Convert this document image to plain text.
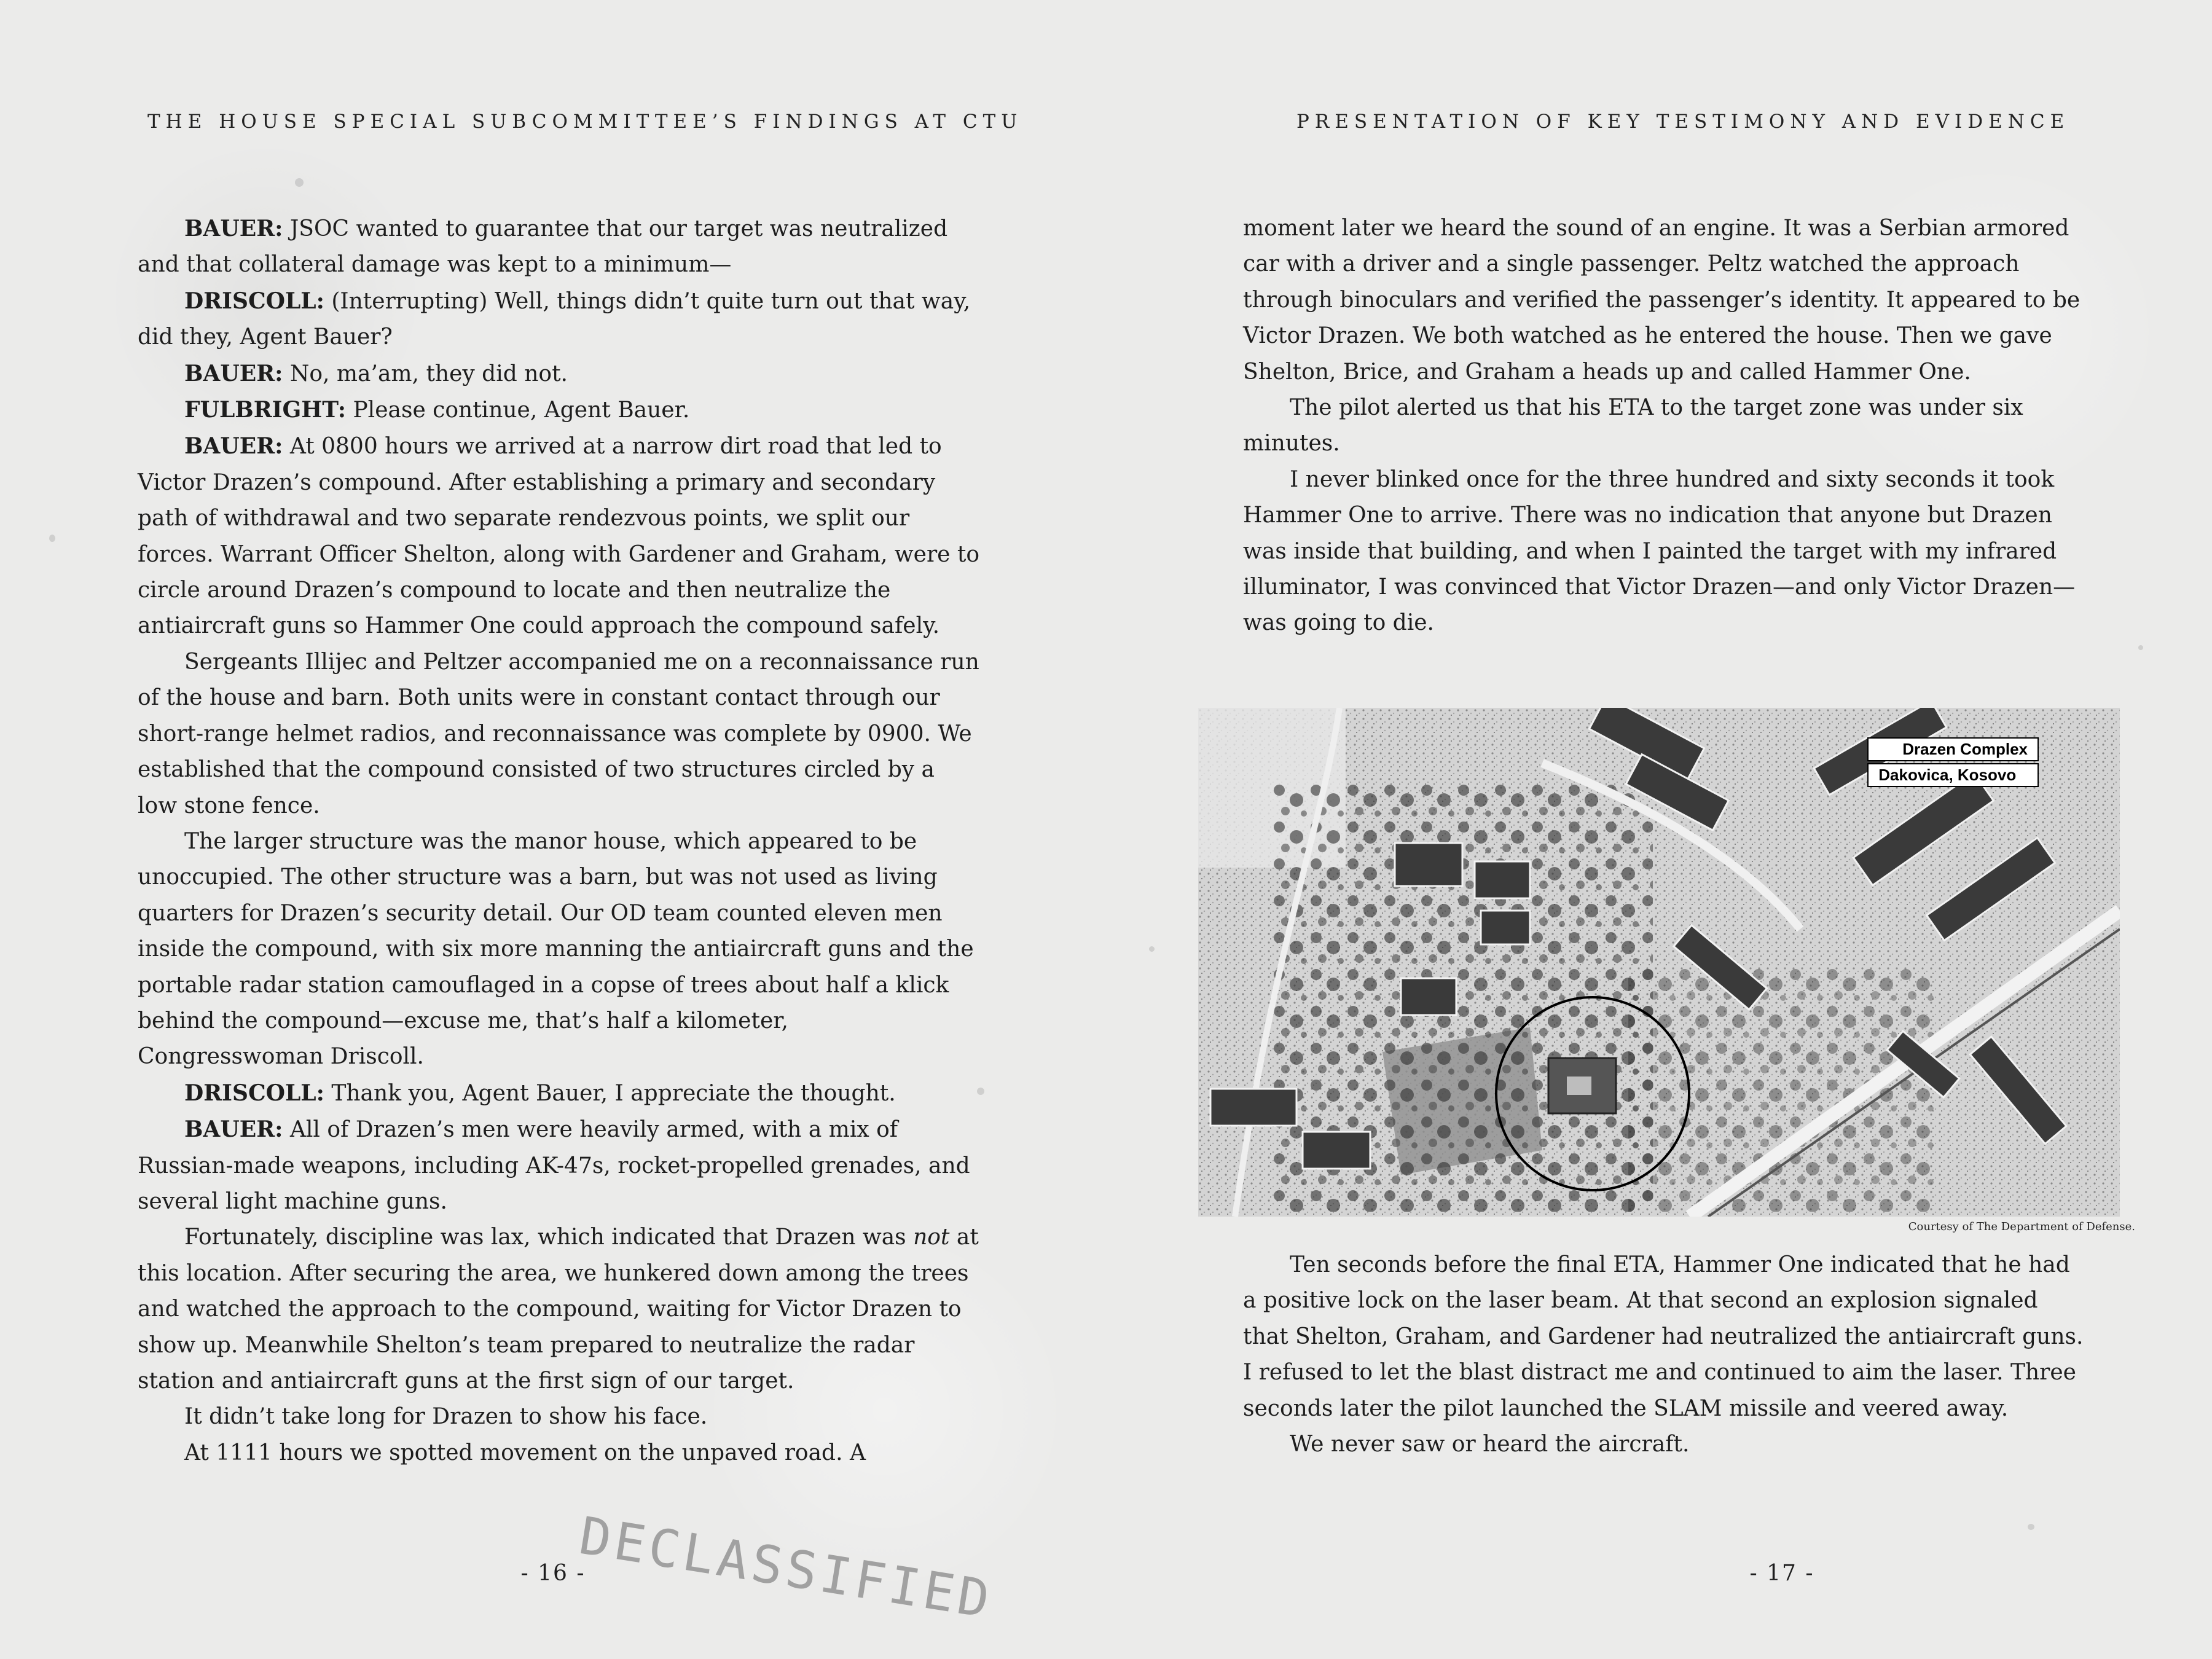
THE HOUSE SPECIAL SUBCOMMITTEE’S FINDINGS AT CTU

BAUER: JSOC wanted to guarantee that our target was neutralized and that collateral damage was kept to a minimum—

DRISCOLL: (Interrupting) Well, things didn’t quite turn out that way, did they, Agent Bauer?

BAUER: No, ma’am, they did not.

FULBRIGHT: Please continue, Agent Bauer.

BAUER: At 0800 hours we arrived at a narrow dirt road that led to Victor Drazen’s compound. After establishing a primary and secondary path of withdrawal and two separate rendezvous points, we split our forces. Warrant Officer Shelton, along with Gardener and Graham, were to circle around Drazen’s compound to locate and then neutralize the antiaircraft guns so Hammer One could approach the compound safely.

Sergeants Illijec and Peltzer accompanied me on a reconnaissance run of the house and barn. Both units were in constant contact through our short-range helmet radios, and reconnaissance was complete by 0900. We established that the compound consisted of two structures circled by a low stone fence.

The larger structure was the manor house, which appeared to be unoccupied. The other structure was a barn, but was not used as living quarters for Drazen’s security detail. Our OD team counted eleven men inside the compound, with six more manning the antiaircraft guns and the portable radar station camouflaged in a copse of trees about half a klick behind the compound—excuse me, that’s half a kilometer, Congresswoman Driscoll.

DRISCOLL: Thank you, Agent Bauer, I appreciate the thought.

BAUER: All of Drazen’s men were heavily armed, with a mix of Russian-made weapons, including AK-47s, rocket-propelled grenades, and several light machine guns.

Fortunately, discipline was lax, which indicated that Drazen was not at this location. After securing the area, we hunkered down among the trees and watched the approach to the compound, waiting for Victor Drazen to show up. Meanwhile Shelton’s team prepared to neutralize the radar station and antiaircraft guns at the first sign of our target.

It didn’t take long for Drazen to show his face.

At 1111 hours we spotted movement on the unpaved road. A

- 16 -
DECLASSIFIED
PRESENTATION OF KEY TESTIMONY AND EVIDENCE

moment later we heard the sound of an engine. It was a Serbian armored car with a driver and a single passenger. Peltz watched the approach through binoculars and verified the passenger’s identity. It appeared to be Victor Drazen. We both watched as he entered the house. Then we gave Shelton, Brice, and Graham a heads up and called Hammer One.

The pilot alerted us that his ETA to the target zone was under six minutes.

I never blinked once for the three hundred and sixty seconds it took Hammer One to arrive. There was no indication that anyone but Drazen was inside that building, and when I painted the target with my infrared illuminator, I was convinced that Victor Drazen—and only Victor Drazen—was going to die.

Drazen Complex
Dakovica, Kosovo
Courtesy of The Department of Defense.

Ten seconds before the final ETA, Hammer One indicated that he had a positive lock on the laser beam. At that second an explosion signaled that Shelton, Graham, and Gardener had neutralized the antiaircraft guns. I refused to let the blast distract me and continued to aim the laser. Three seconds later the pilot launched the SLAM missile and veered away.

We never saw or heard the aircraft.

- 17 -
